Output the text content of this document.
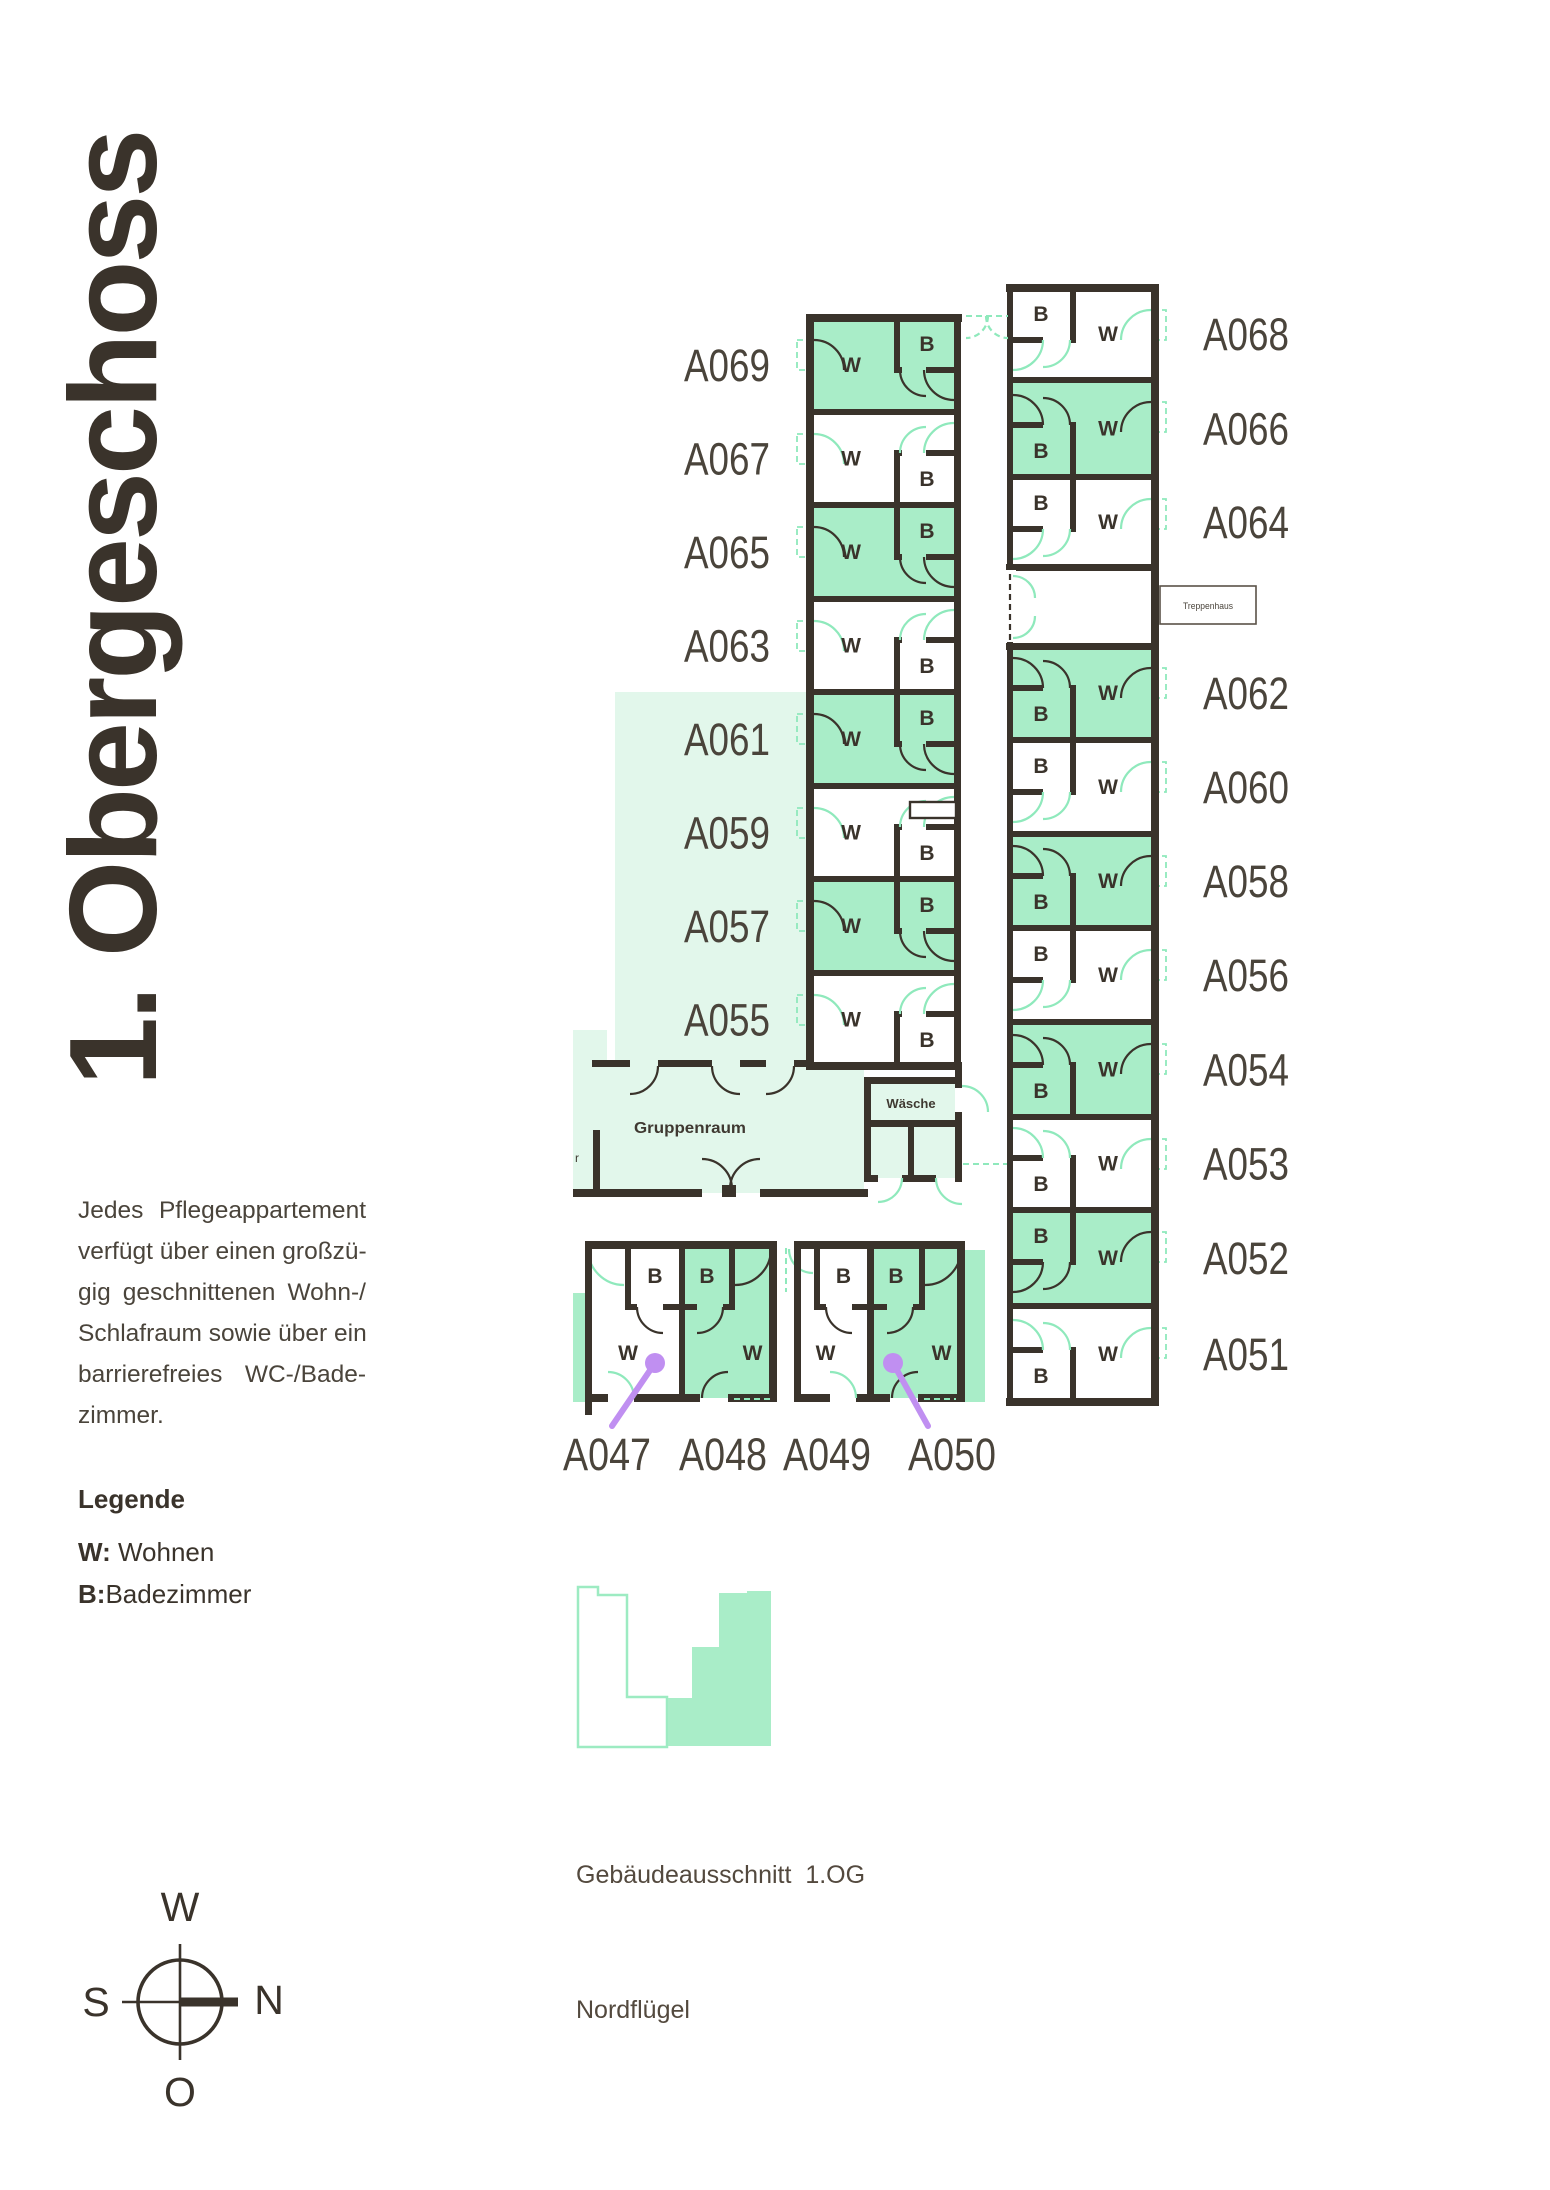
1. Obergeschoss
Jedes Pflegeappartement
verfügt über einen großzü-
gig geschnittenen Wohn-/
Schlafraum sowie über ein
barrierefreies WC-/Bade-
zimmer.
Legende
W: Wohnen
B:Badezimmer

Gebäudeausschnitt  1.OG

Nordflügel

W
B
A069
W
B
A067
W
B
A065
W
B
A063
W
B
A061
W
B
A059
W
B
A057
W
B
A055
W
B	A068
W
B	A066
W
B	A064
W
B	A062
W
B	A060
W
B	A058
W
B	A056
W
B	A054
W
B	A053
W
B	A052
W
B	A051
W
B
A047
W
B
A048
W
B
A049
W
B
A050
Treppenhaus
Gruppenraum
r
Wäsche
W
S	N
O
